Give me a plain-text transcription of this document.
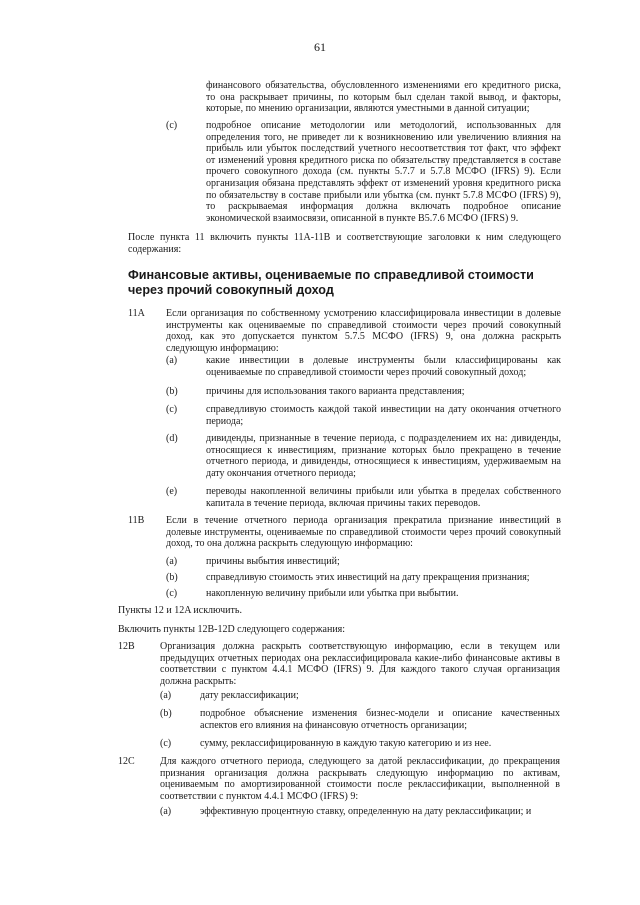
61
финансового обязательства, обусловленного изменениями его кредитного риска, то она раскрывает причины, по которым был сделан такой вывод, и факторы, которые, по мнению организации, являются уместными в данной ситуации;
(c)	подробное описание методологии или методологий, использованных для определения того, не приведет ли к возникновению или увеличению влияния на прибыль или убыток последствий учетного несоответствия тот факт, что эффект от изменений уровня кредитного риска по обязательству представляется в составе прочего совокупного дохода (см. пункты 5.7.7 и 5.7.8 МСФО (IFRS) 9). Если организация обязана представлять эффект от изменений уровня кредитного риска по обязательству в составе прибыли или убытка (см. пункт 5.7.8 МСФО (IFRS) 9), то раскрываемая информация должна включать подробное описание экономической взаимосвязи, описанной в пункте B5.7.6 МСФО (IFRS) 9.
После пункта 11 включить пункты 11A-11B и соответствующие заголовки к ним следующего содержания:
Финансовые активы, оцениваемые по справедливой стоимости через прочий совокупный доход
11A Если организация по собственному усмотрению классифицировала инвестиции в долевые инструменты как оцениваемые по справедливой стоимости через прочий совокупный доход, как это допускается пунктом 5.7.5 МСФО (IFRS) 9, она должна раскрыть следующую информацию:
(a)	какие инвестиции в долевые инструменты были классифицированы как оцениваемые по справедливой стоимости через прочий совокупный доход;
(b)	причины для использования такого варианта представления;
(c)	справедливую стоимость каждой такой инвестиции на дату окончания отчетного периода;
(d)	дивиденды, признанные в течение периода, с подразделением их на: дивиденды, относящиеся к инвестициям, признание которых было прекращено в течение отчетного периода, и дивиденды, относящиеся к инвестициям, удерживаемым на дату окончания отчетного периода;
(e)	переводы накопленной величины прибыли или убытка в пределах собственного капитала в течение периода, включая причины таких переводов.
11B Если в течение отчетного периода организация прекратила признание инвестиций в долевые инструменты, оцениваемые по справедливой стоимости через прочий совокупный доход, то она должна раскрыть следующую информацию:
(a)	причины выбытия инвестиций;
(b)	справедливую стоимость этих инвестиций на дату прекращения признания;
(c)	накопленную величину прибыли или убытка при выбытии.
Пункты 12 и 12A исключить.
Включить пункты 12B-12D следующего содержания:
12B	Организация должна раскрыть соответствующую информацию, если в текущем или предыдущих отчетных периодах она реклассифицировала какие-либо финансовые активы в соответствии с пунктом 4.4.1 МСФО (IFRS) 9. Для каждого такого случая организация должна раскрыть:
(a)	дату реклассификации;
(b)	подробное объяснение изменения бизнес-модели и описание качественных аспектов его влияния на финансовую отчетность организации;
(c)	сумму, реклассифицированную в каждую такую категорию и из нее.
12C	Для каждого отчетного периода, следующего за датой реклассификации, до прекращения признания организация должна раскрывать следующую информацию по активам, оцениваемым по амортизированной стоимости после реклассификации, выполненной в соответствии с пунктом 4.4.1 МСФО (IFRS) 9:
(a)	эффективную процентную ставку, определенную на дату реклассификации; и
